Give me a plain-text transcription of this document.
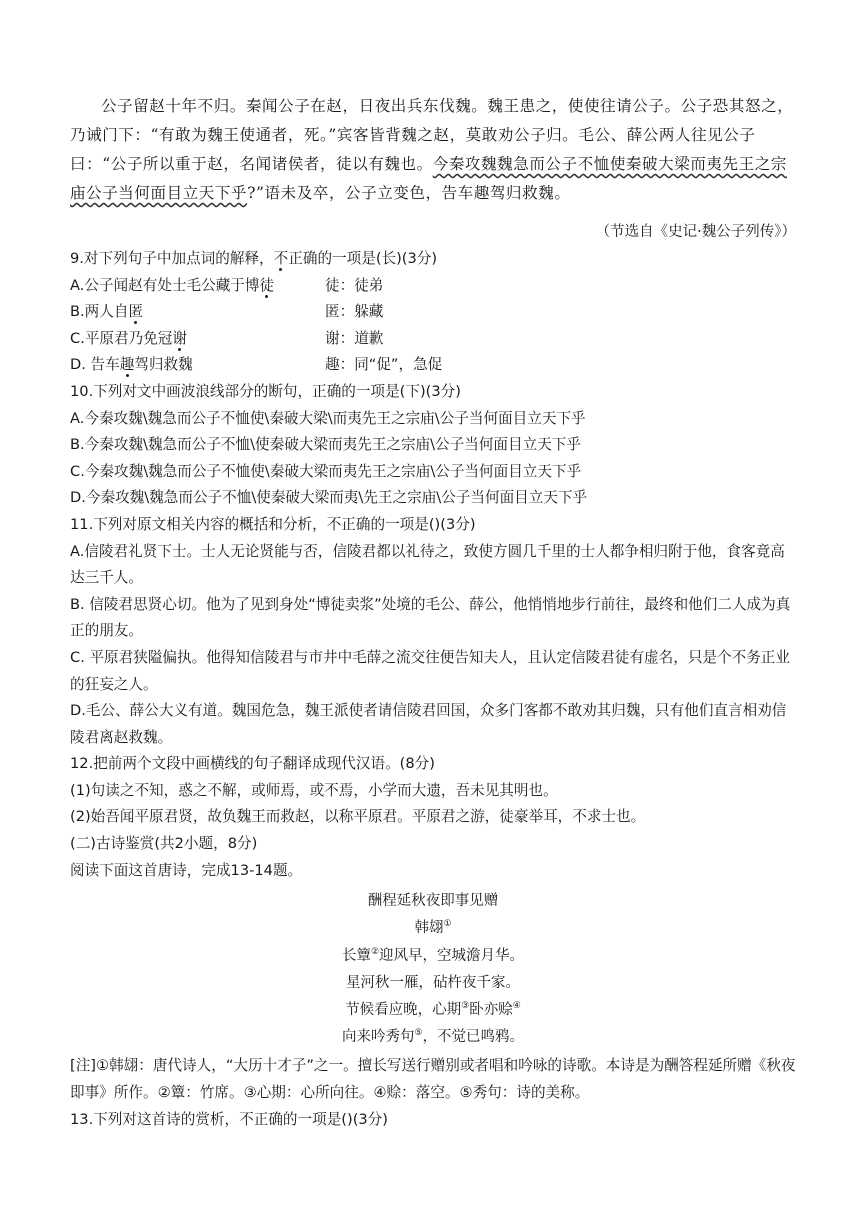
公子留赵十年不归。秦闻公子在赵，日夜出兵东伐魏。魏王患之，使使往请公子。公子恐其怒之，乃诫门下：“有敢为魏王使通者，死。”宾客皆背魏之赵，莫敢劝公子归。毛公、薛公两人往见公子曰：“公子所以重于赵，名闻诸侯者，徒以有魏也。今秦攻魏魏急而公子不恤使秦破大梁而夷先王之宗庙公子当何面目立天下乎?”语未及卒，公子立变色，告车趣驾归救魏。

（节选自《史记·魏公子列传》）

9.对下列句子中加点词的解释，不正确的一项是(长)(3分)

A.公子闻赵有处士毛公藏于博徒	徒：徒弟

B.两人自匿	匿：躲藏

C.平原君乃免冠谢	谢：道歉

D. 告车趣驾归救魏	趣：同“促”，急促

10.下列对文中画波浪线部分的断句，正确的一项是(下)(3分)

A.今秦攻魏\魏急而公子不恤使\秦破大梁\而夷先王之宗庙\公子当何面目立天下乎

B.今秦攻魏\魏急而公子不恤\使秦破大梁而夷先王之宗庙\公子当何面目立天下乎

C.今秦攻魏\魏急而公子不恤使\秦破大梁而夷先王之宗庙\公子当何面目立天下乎

D.今秦攻魏\魏急而公子不恤\使秦破大梁而夷\先王之宗庙\公子当何面目立天下乎

11.下列对原文相关内容的概括和分析，不正确的一项是()(3分)

A.信陵君礼贤下士。士人无论贤能与否，信陵君都以礼待之，致使方圆几千里的士人都争相归附于他，食客竟高达三千人。

B. 信陵君思贤心切。他为了见到身处“博徒卖浆”处境的毛公、薛公，他悄悄地步行前往，最终和他们二人成为真正的朋友。

C. 平原君狭隘偏执。他得知信陵君与市井中毛薛之流交往便告知夫人，且认定信陵君徒有虚名，只是个不务正业的狂妄之人。

D.毛公、薛公大义有道。魏国危急，魏王派使者请信陵君回国，众多门客都不敢劝其归魏，只有他们直言相劝信陵君离赵救魏。

12.把前两个文段中画横线的句子翻译成现代汉语。(8分)

(1)句读之不知，惑之不解，或师焉，或不焉，小学而大遗，吾未见其明也。

(2)始吾闻平原君贤，故负魏王而救赵，以称平原君。平原君之游，徒豪举耳，不求士也。

(二)古诗鉴赏(共2小题，8分)

阅读下面这首唐诗，完成13-14题。

酬程延秋夜即事见赠
韩翃①
长簟②迎风早，空城澹月华。
星河秋一雁，砧杵夜千家。
节候看应晚，心期③卧亦赊④
向来吟秀句⑤，不觉已鸣鸦。

[注]①韩翃：唐代诗人，“大历十才子”之一。擅长写送行赠别或者唱和吟咏的诗歌。本诗是为酬答程延所赠《秋夜即事》所作。②簟：竹席。③心期：心所向往。④赊：落空。⑤秀句：诗的美称。

13.下列对这首诗的赏析，不正确的一项是()(3分)
